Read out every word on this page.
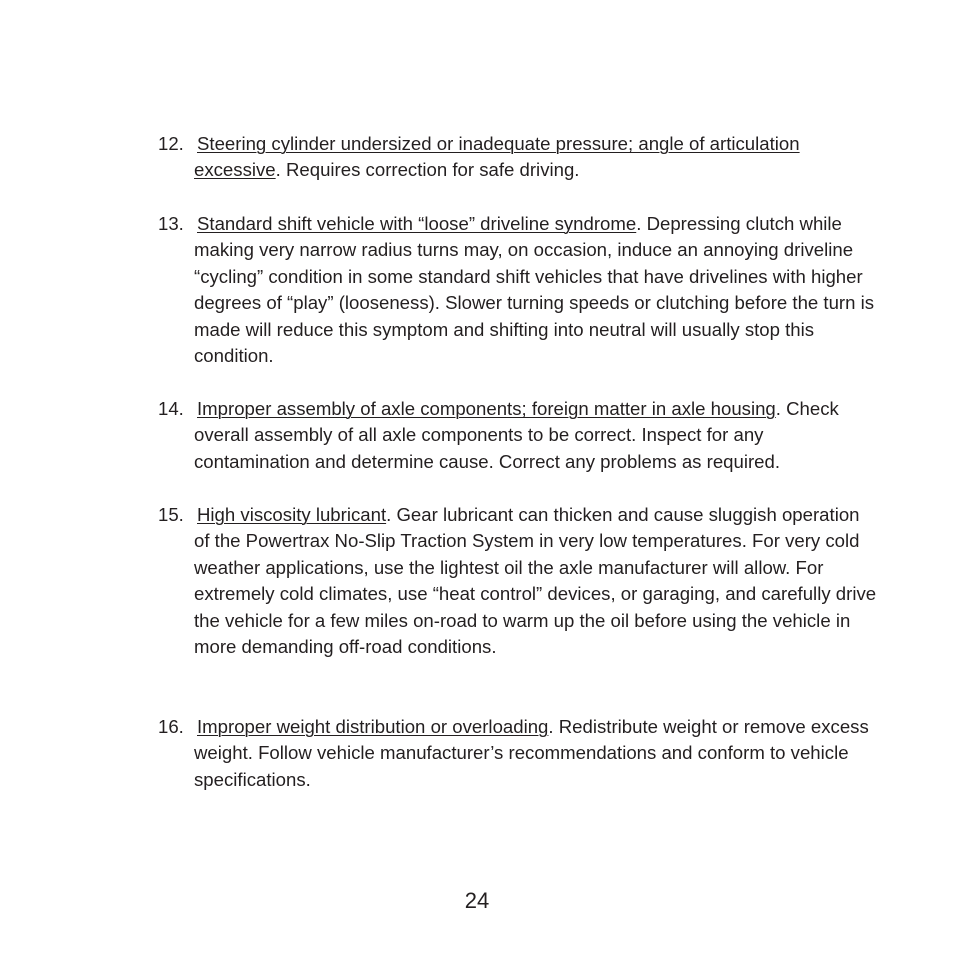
12. Steering cylinder undersized or inadequate pressure; angle of articulation excessive. Requires correction for safe driving.
13. Standard shift vehicle with “loose” driveline syndrome. Depressing clutch while making very narrow radius turns may, on occasion, induce an annoying driveline “cycling” condition in some standard shift vehicles that have drivelines with higher degrees of “play” (looseness). Slower turning speeds or clutching before the turn is made will reduce this symptom and shifting into neutral will usually stop this condition.
14. Improper assembly of axle components; foreign matter in axle housing. Check overall assembly of all axle components to be correct. Inspect for any contamination and determine cause. Correct any problems as required.
15. High viscosity lubricant. Gear lubricant can thicken and cause sluggish operation of the Powertrax No-Slip Traction System in very low temperatures. For very cold weather applications, use the lightest oil the axle manufacturer will allow. For extremely cold climates, use “heat control” devices, or garaging, and carefully drive the vehicle for a few miles on-road to warm up the oil before using the vehicle in more demanding off-road conditions.
16. Improper weight distribution or overloading. Redistribute weight or remove excess weight. Follow vehicle manufacturer’s recommendations and conform to vehicle specifications.
24
